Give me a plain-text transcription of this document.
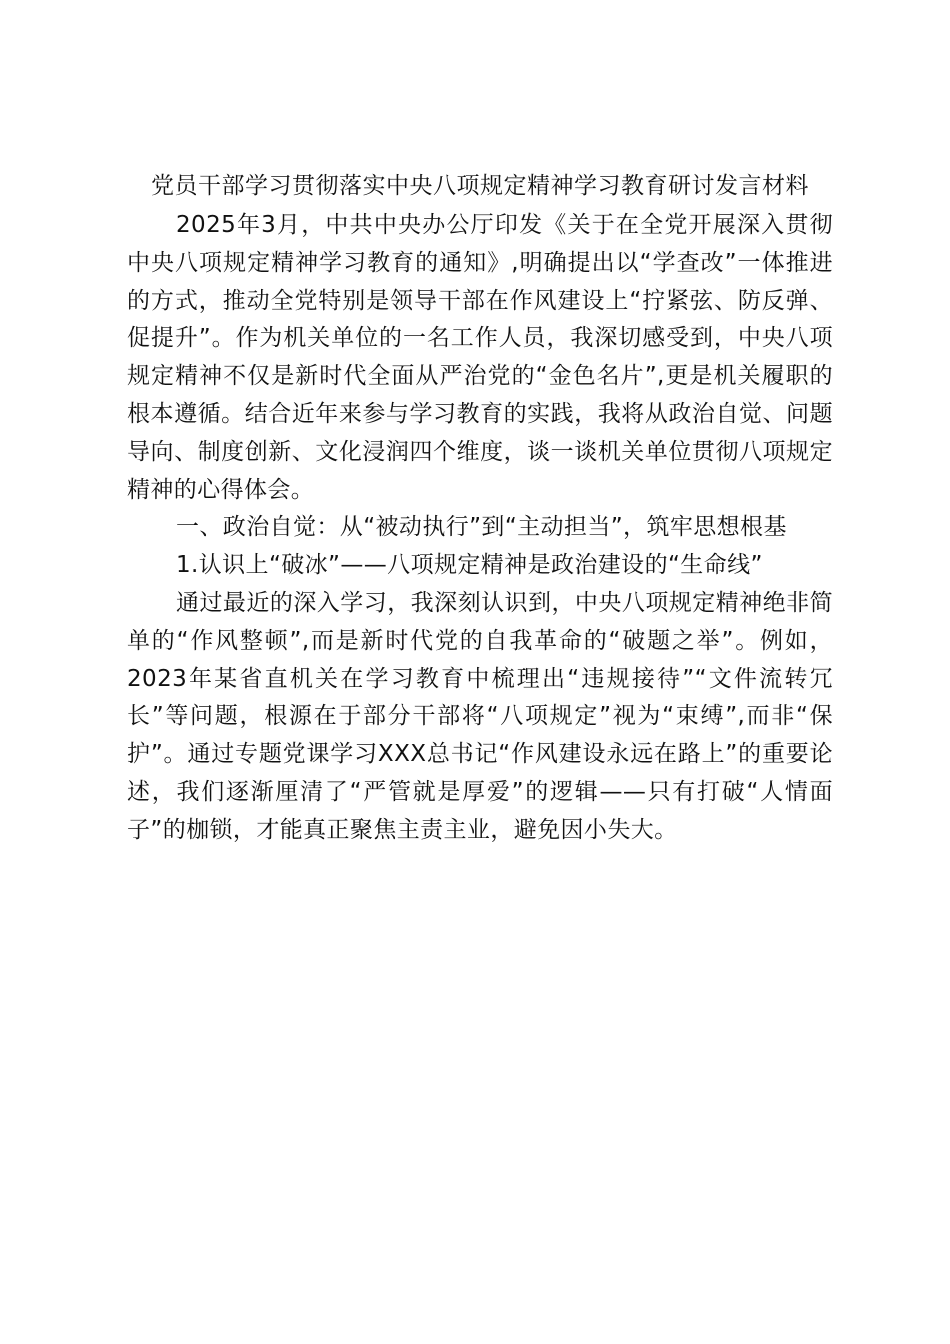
党员干部学习贯彻落实中央八项规定精神学习教育研讨发言材料

2025年3月，中共中央办公厅印发《关于在全党开展深入贯彻中央八项规定精神学习教育的通知》,明确提出以“学查改”一体推进的方式，推动全党特别是领导干部在作风建设上“拧紧弦、防反弹、促提升”。作为机关单位的一名工作人员，我深切感受到，中央八项规定精神不仅是新时代全面从严治党的“金色名片”,更是机关履职的根本遵循。结合近年来参与学习教育的实践，我将从政治自觉、问题导向、制度创新、文化浸润四个维度，谈一谈机关单位贯彻八项规定精神的心得体会。

一、政治自觉：从“被动执行”到“主动担当”，筑牢思想根基

1.认识上“破冰”——八项规定精神是政治建设的“生命线”

通过最近的深入学习，我深刻认识到，中央八项规定精神绝非简单的“作风整顿”,而是新时代党的自我革命的“破题之举”。例如，2023年某省直机关在学习教育中梳理出“违规接待”“文件流转冗长”等问题，根源在于部分干部将“八项规定”视为“束缚”,而非“保护”。通过专题党课学习XXX总书记“作风建设永远在路上”的重要论述，我们逐渐厘清了“严管就是厚爱”的逻辑——只有打破“人情面子”的枷锁，才能真正聚焦主责主业，避免因小失大。
